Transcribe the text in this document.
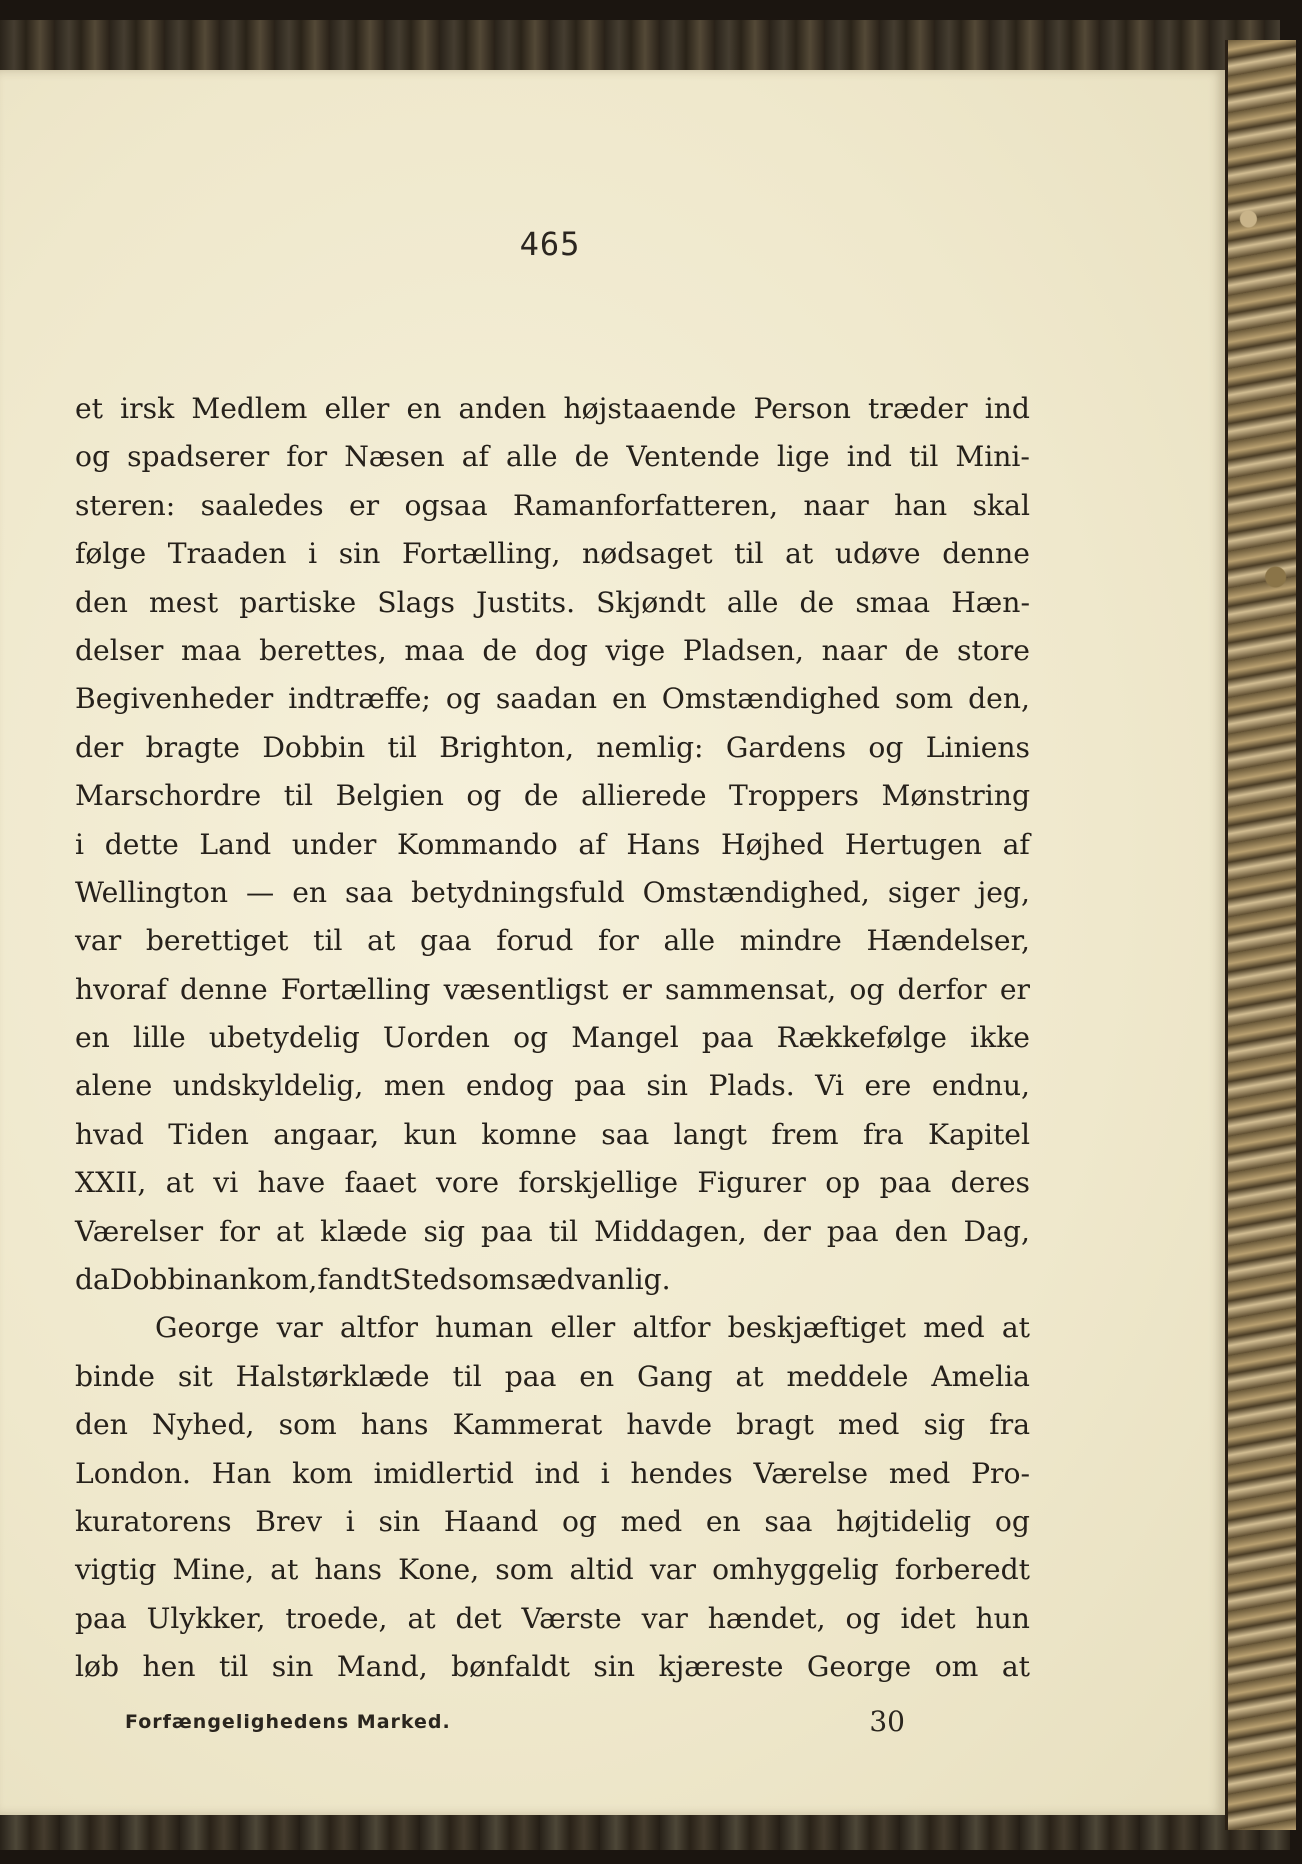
465
et irsk Medlem eller en anden højstaaende Person træder ind
og spadserer for Næsen af alle de Ventende lige ind til Mini-
steren: saaledes er ogsaa Ramanforfatteren, naar han skal
følge Traaden i sin Fortælling, nødsaget til at udøve denne
den mest partiske Slags Justits. Skjøndt alle de smaa Hæn-
delser maa berettes, maa de dog vige Pladsen, naar de store
Begivenheder indtræffe; og saadan en Omstændighed som den,
der bragte Dobbin til Brighton, nemlig: Gardens og Liniens
Marschordre til Belgien og de allierede Troppers Mønstring
i dette Land under Kommando af Hans Højhed Hertugen af
Wellington — en saa betydningsfuld Omstændighed, siger jeg,
var berettiget til at gaa forud for alle mindre Hændelser,
hvoraf denne Fortælling væsentligst er sammensat, og derfor er
en lille ubetydelig Uorden og Mangel paa Rækkefølge ikke
alene undskyldelig, men endog paa sin Plads. Vi ere endnu,
hvad Tiden angaar, kun komne saa langt frem fra Kapitel
XXII, at vi have faaet vore forskjellige Figurer op paa deres
Værelser for at klæde sig paa til Middagen, der paa den Dag,
da Dobbin ankom, fandt Sted som sædvanlig.
George var altfor human eller altfor beskjæftiget med at
binde sit Halstørklæde til paa en Gang at meddele Amelia
den Nyhed, som hans Kammerat havde bragt med sig fra
London. Han kom imidlertid ind i hendes Værelse med Pro-
kuratorens Brev i sin Haand og med en saa højtidelig og
vigtig Mine, at hans Kone, som altid var omhyggelig forberedt
paa Ulykker, troede, at det Værste var hændet, og idet hun
løb hen til sin Mand, bønfaldt sin kjæreste George om at
Forfængelighedens Marked.	30
